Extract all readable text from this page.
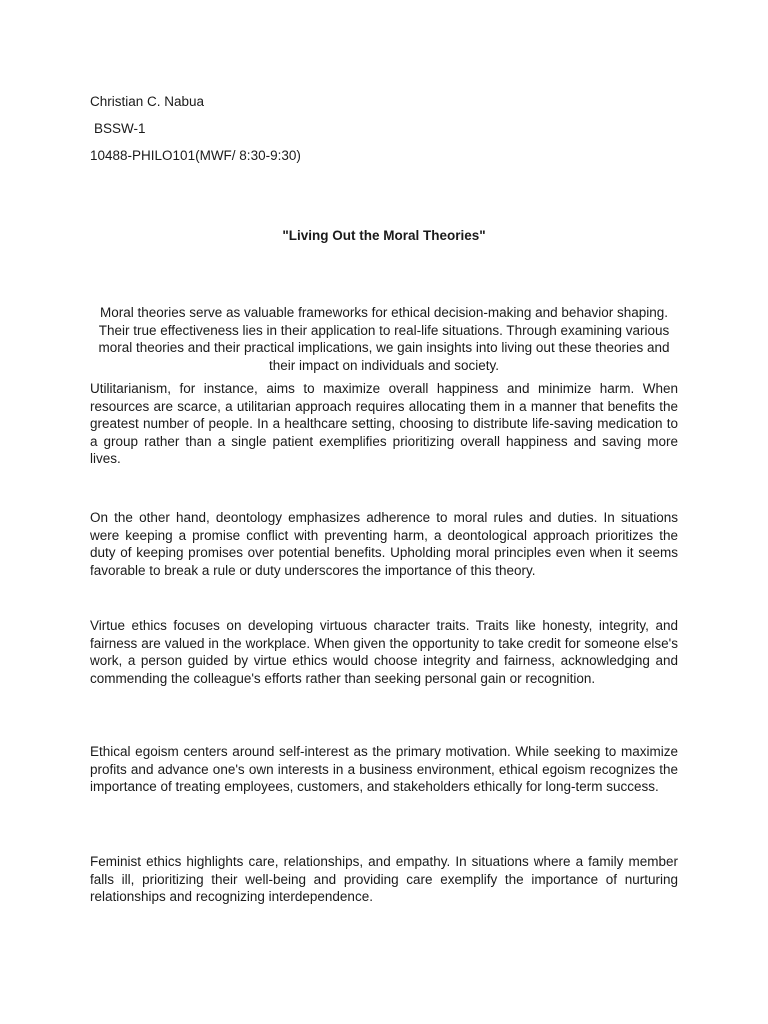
Christian C. Nabua
BSSW-1
10488-PHILO101(MWF/ 8:30-9:30)
"Living Out the Moral Theories"

Moral theories serve as valuable frameworks for ethical decision-making and behavior shaping. Their true effectiveness lies in their application to real-life situations. Through examining various moral theories and their practical implications, we gain insights into living out these theories and their impact on individuals and society.

Utilitarianism, for instance, aims to maximize overall happiness and minimize harm. When resources are scarce, a utilitarian approach requires allocating them in a manner that benefits the greatest number of people. In a healthcare setting, choosing to distribute life-saving medication to a group rather than a single patient exemplifies prioritizing overall happiness and saving more lives.

On the other hand, deontology emphasizes adherence to moral rules and duties. In situations were keeping a promise conflict with preventing harm, a deontological approach prioritizes the duty of keeping promises over potential benefits. Upholding moral principles even when it seems favorable to break a rule or duty underscores the importance of this theory.

Virtue ethics focuses on developing virtuous character traits. Traits like honesty, integrity, and fairness are valued in the workplace. When given the opportunity to take credit for someone else's work, a person guided by virtue ethics would choose integrity and fairness, acknowledging and commending the colleague's efforts rather than seeking personal gain or recognition.

Ethical egoism centers around self-interest as the primary motivation. While seeking to maximize profits and advance one's own interests in a business environment, ethical egoism recognizes the importance of treating employees, customers, and stakeholders ethically for long-term success.

Feminist ethics highlights care, relationships, and empathy. In situations where a family member falls ill, prioritizing their well-being and providing care exemplify the importance of nurturing relationships and recognizing interdependence.
